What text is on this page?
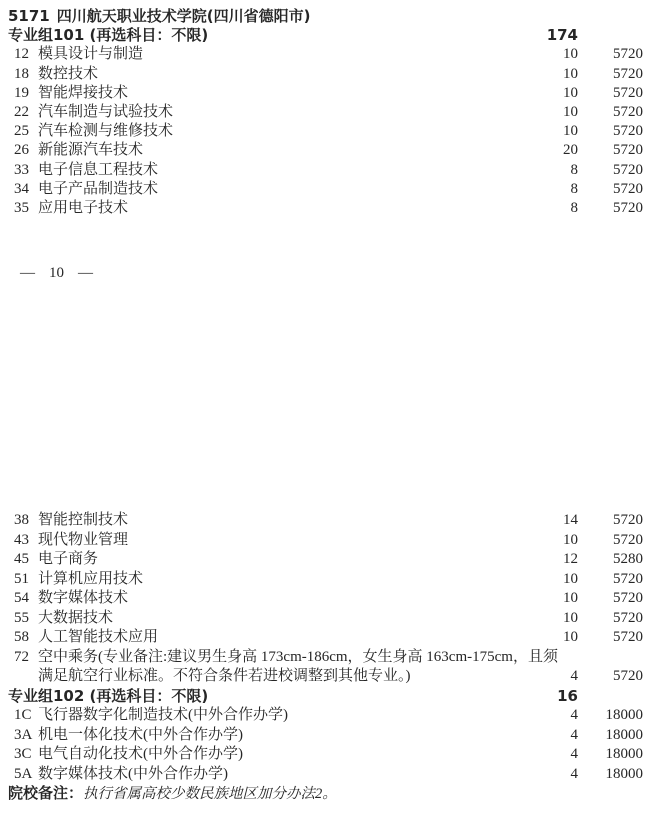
5171 四川航天职业技术学院(四川省德阳市)
专业组101 (再选科目：不限)	174
12 模具设计与制造	10	5720
18 数控技术	10	5720
19 智能焊接技术	10	5720
22 汽车制造与试验技术	10	5720
25 汽车检测与维修技术	10	5720
26 新能源汽车技术	20	5720
33 电子信息工程技术	8	5720
34 电子产品制造技术	8	5720
35 应用电子技术	8	5720
— 10 —
38 智能控制技术	14	5720
43 现代物业管理	10	5720
45 电子商务	12	5280
51 计算机应用技术	10	5720
54 数字媒体技术	10	5720
55 大数据技术	10	5720
58 人工智能技术应用	10	5720
72 空中乘务(专业备注:建议男生身高 173cm-186cm，女生身高 163cm-175cm，且须满足航空行业标准。不符合条件若进校调整到其他专业。)	4	5720
专业组102 (再选科目：不限)	16
1C 飞行器数字化制造技术(中外合作办学)	4	18000
3A 机电一体化技术(中外合作办学)	4	18000
3C 电气自动化技术(中外合作办学)	4	18000
5A 数字媒体技术(中外合作办学)	4	18000
院校备注：执行省属高校少数民族地区加分办法2。
